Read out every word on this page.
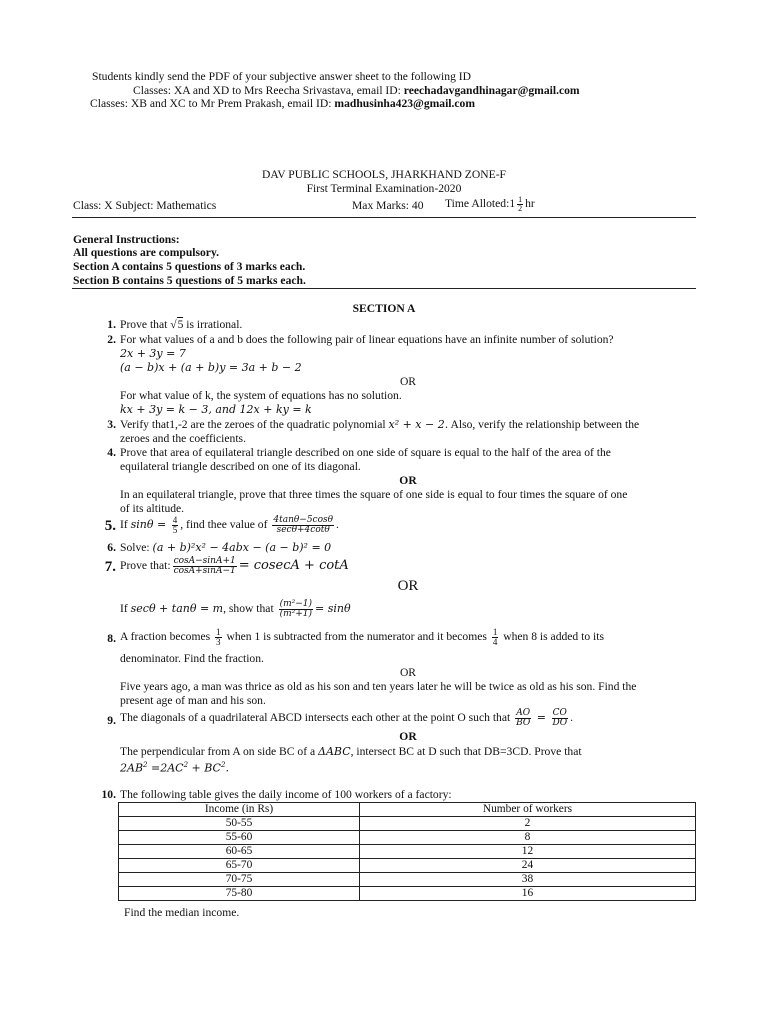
Students kindly send the PDF of your subjective answer sheet to the following ID
Classes: XA and XD to Mrs Reecha Srivastava, email ID: reechadavgandhinagar@gmail.com
Classes: XB and XC to Mr Prem Prakash, email ID: madhusinha423@gmail.com
DAV PUBLIC SCHOOLS, JHARKHAND ZONE-F
First Terminal Examination-2020
Class: X Subject: Mathematics	Max Marks: 40 Time Alloted:1 $\frac{1}{2}$ hr
General Instructions:
All questions are compulsory.
Section A contains 5 questions of 3 marks each.
Section B contains 5 questions of 5 marks each.
SECTION A
1. Prove that √5 is irrational.
2. For what values of a and b does the following pair of linear equations have an infinite number of solution?
2x + 3y = 7
(a − b)x + (a + b)y = 3a + b − 2
OR
For what value of k, the system of equations has no solution.
kx + 3y = k − 3, and 12x + ky = k
3. Verify that1,-2 are the zeroes of the quadratic polynomial x² + x − 2. Also, verify the relationship between the
zeroes and the coefficients.
4. Prove that area of equilateral triangle described on one side of square is equal to the half of the area of the
equilateral triangle described on one of its diagonal.
OR
In an equilateral triangle, prove that three times the square of one side is equal to four times the square of one
of its altitude.
5. If $\sin\theta = \frac{4}{5}$ , find thee value of $\frac{4\tan\theta-5\cos\theta}{\sec\theta+4\cot\theta}$ .
6. Solve: (a + b)²x² − 4abx − (a − b)² = 0
7. Prove that: $\frac{\cos A-\sin A+1}{\cos A+\sin A-1} = cosecA + \cot A$
OR
If secθ + tanθ = m, show that $\frac{\text{(m²−1)}}{\text{(m²+1)}} = \sin\theta$
8. A fraction becomes $\frac{1}{3}$ when 1 is subtracted from the numerator and it becomes $\frac{1}{4}$ when 8 is added to its
denominator. Find the fraction.
OR
Five years ago, a man was thrice as old as his son and ten years later he will be twice as old as his son. Find the
present age of man and his son.
9. The diagonals of a quadrilateral ABCD intersects each other at the point O such that $\frac{AO}{BO} = \frac{CO}{DO}$ .
OR
The perpendicular from A on side BC of a ΔABC, intersect BC at D such that DB=3CD. Prove that
$2AB^2 =2AC^2 + BC^2$.
10. The following table gives the daily income of 100 workers of a factory:
Income (in Rs)	Number of workers
50-55	2
55-60	8
60-65	12
65-70	24
70-75	38
75-80	16
Find the median income.
